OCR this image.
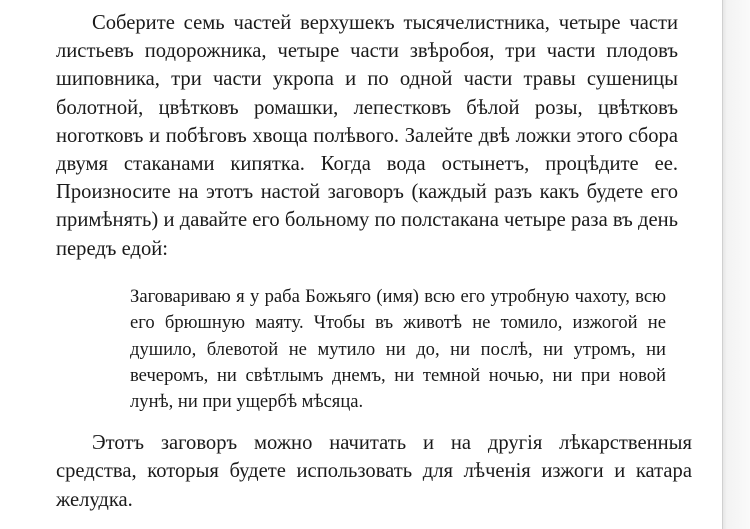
Соберите семь частей верхушекъ тысячелистника, четыре части листьевъ подорожника, четыре части звѣробоя, три части плодовъ шиповника, три части укропа и по одной части травы сушеницы болотной, цвѣтковъ ромашки, лепестковъ бѣлой розы, цвѣтковъ ноготковъ и побѣговъ хвоща полѣвого. Залейте двѣ ложки этого сбора двумя стаканами кипятка. Когда вода остынетъ, процѣдите ее. Произносите на этотъ настой заговоръ (каждый разъ какъ будете его примѣнять) и давайте его больному по полстакана четыре раза въ день передъ едой:

Заговариваю я у раба Божьяго (имя) всю его утробную чахоту, всю его брюшную маяту. Чтобы въ животѣ не томило, изжогой не душило, блевотой не мутило ни до, ни послѣ, ни утромъ, ни вечеромъ, ни свѣтлымъ днемъ, ни темной ночью, ни при новой лунѣ, ни при ущербѣ мѣсяца.

Этотъ заговоръ можно начитать и на другія лѣкарственныя средства, которыя будете использовать для лѣченія изжоги и катара желудка.
